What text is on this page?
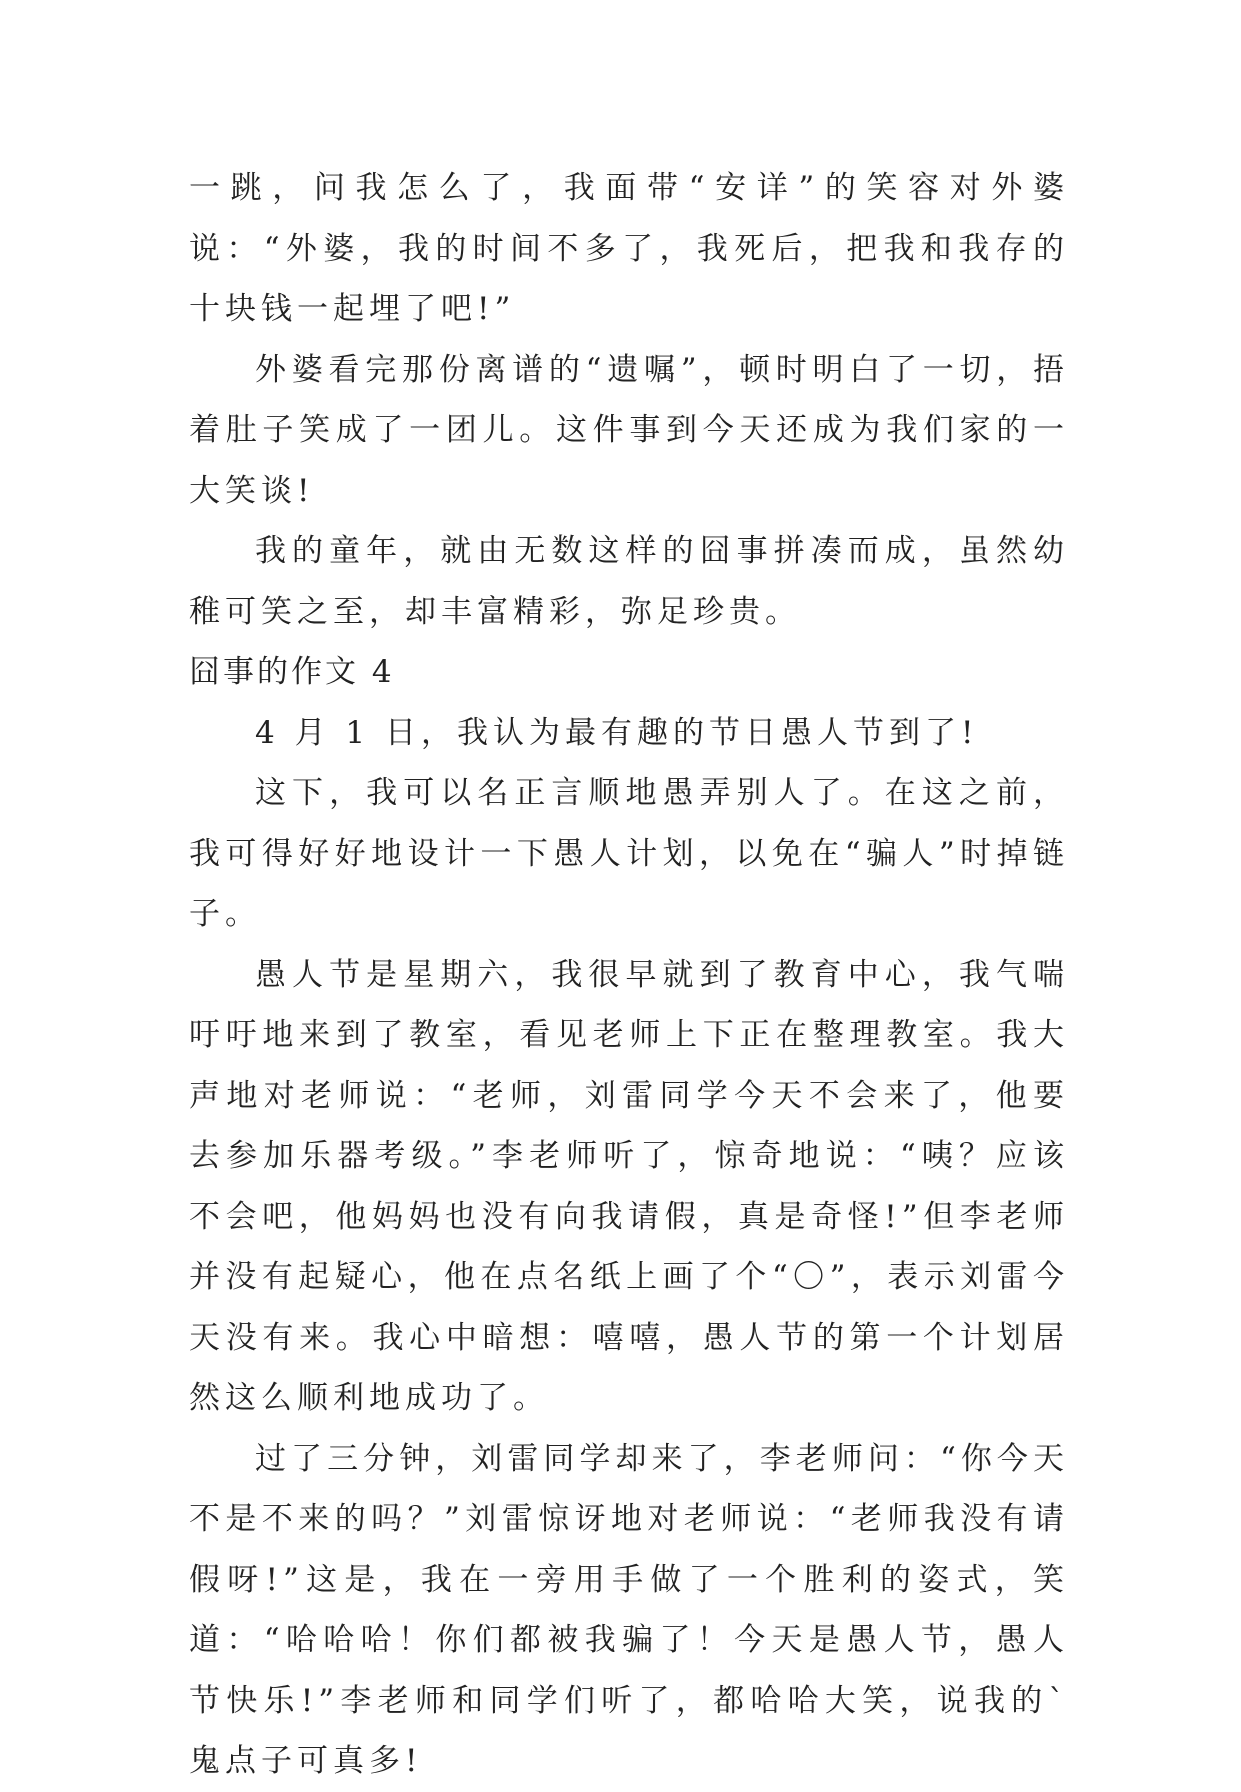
一跳，问我怎么了，我面带“安详”的笑容对外婆说：“外婆，我的时间不多了，我死后，把我和我存的十块钱一起埋了吧!”

外婆看完那份离谱的“遗嘱”，顿时明白了一切，捂着肚子笑成了一团儿。这件事到今天还成为我们家的一大笑谈!

我的童年，就由无数这样的囧事拼凑而成，虽然幼稚可笑之至，却丰富精彩，弥足珍贵。

囧事的作文 4

4 月 1 日，我认为最有趣的节日愚人节到了!

这下，我可以名正言顺地愚弄别人了。在这之前，我可得好好地设计一下愚人计划，以免在“骗人”时掉链子。

愚人节是星期六，我很早就到了教育中心，我气喘吁吁地来到了教室，看见老师上下正在整理教室。我大声地对老师说：“老师，刘雷同学今天不会来了，他要去参加乐器考级。”李老师听了，惊奇地说：“咦？应该不会吧，他妈妈也没有向我请假，真是奇怪!”但李老师并没有起疑心，他在点名纸上画了个“〇”，表示刘雷今天没有来。我心中暗想：嘻嘻，愚人节的第一个计划居然这么顺利地成功了。

过了三分钟，刘雷同学却来了，李老师问：“你今天不是不来的吗？”刘雷惊讶地对老师说：“老师我没有请假呀!”这是，我在一旁用手做了一个胜利的姿式，笑道：“哈哈哈！你们都被我骗了！今天是愚人节，愚人节快乐!”李老师和同学们听了，都哈哈大笑，说我的`鬼点子可真多!
